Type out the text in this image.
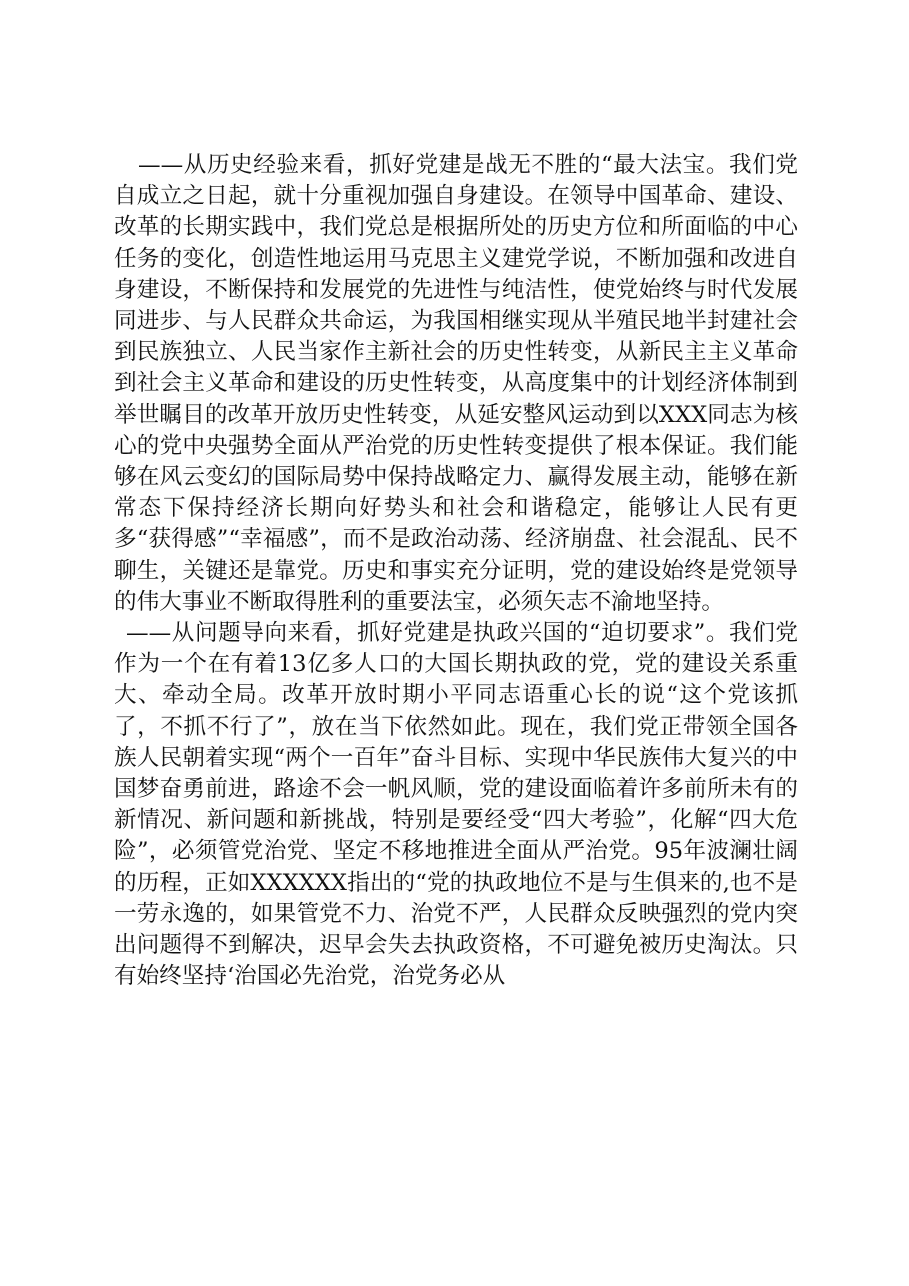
——从历史经验来看，抓好党建是战无不胜的“最大法宝。我们党自成立之日起，就十分重视加强自身建设。在领导中国革命、建设、改革的长期实践中，我们党总是根据所处的历史方位和所面临的中心任务的变化，创造性地运用马克思主义建党学说，不断加强和改进自身建设，不断保持和发展党的先进性与纯洁性，使党始终与时代发展同进步、与人民群众共命运，为我国相继实现从半殖民地半封建社会到民族独立、人民当家作主新社会的历史性转变，从新民主主义革命到社会主义革命和建设的历史性转变，从高度集中的计划经济体制到举世瞩目的改革开放历史性转变，从延安整风运动到以XXX同志为核心的党中央强势全面从严治党的历史性转变提供了根本保证。我们能够在风云变幻的国际局势中保持战略定力、赢得发展主动，能够在新常态下保持经济长期向好势头和社会和谐稳定，能够让人民有更多“获得感”“幸福感”，而不是政治动荡、经济崩盘、社会混乱、民不聊生，关键还是靠党。历史和事实充分证明，党的建设始终是党领导的伟大事业不断取得胜利的重要法宝，必须矢志不渝地坚持。

——从问题导向来看，抓好党建是执政兴国的“迫切要求”。我们党作为一个在有着13亿多人口的大国长期执政的党，党的建设关系重大、牵动全局。改革开放时期小平同志语重心长的说“这个党该抓了，不抓不行了”，放在当下依然如此。现在，我们党正带领全国各族人民朝着实现“两个一百年”奋斗目标、实现中华民族伟大复兴的中国梦奋勇前进，路途不会一帆风顺，党的建设面临着许多前所未有的新情况、新问题和新挑战，特别是要经受“四大考验”，化解“四大危险”，必须管党治党、坚定不移地推进全面从严治党。95年波澜壮阔的历程，正如XXXXXX指出的“党的执政地位不是与生俱来的,也不是一劳永逸的，如果管党不力、治党不严，人民群众反映强烈的党内突出问题得不到解决，迟早会失去执政资格，不可避免被历史淘汰。只有始终坚持‘治国必先治党，治党务必从
